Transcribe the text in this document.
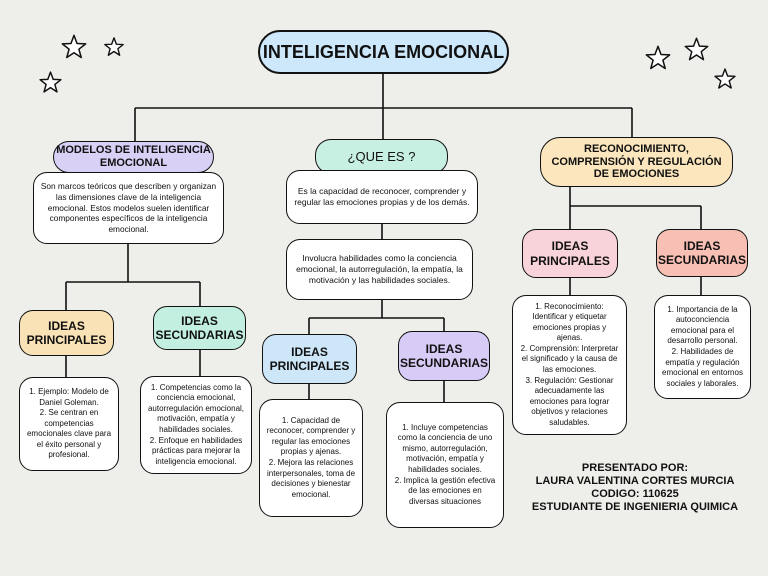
INTELIGENCIA EMOCIONAL
MODELOS DE INTELIGENCIA EMOCIONAL
Son marcos teóricos que describen y organizan las dimensiones clave de la inteligencia emocional. Estos modelos suelen identificar componentes específicos de la inteligencia emocional.
IDEAS PRINCIPALES
IDEAS SECUNDARIAS
1. Ejemplo: Modelo de Daniel Goleman.
2. Se centran en competencias emocionales clave para el éxito personal y profesional.
1. Competencias como la conciencia emocional, autorregulación emocional, motivación, empatía y habilidades sociales.
2. Enfoque en habilidades prácticas para mejorar la inteligencia emocional.
¿QUE ES ?
Es la capacidad de reconocer, comprender y regular las emociones propias y de los demás.
Involucra habilidades como la conciencia emocional, la autorregulación, la empatía, la motivación y las habilidades sociales.
IDEAS PRINCIPALES
IDEAS SECUNDARIAS
1. Capacidad de reconocer, comprender y regular las emociones propias y ajenas.
2. Mejora las relaciones interpersonales, toma de decisiones y bienestar emocional.
1. Incluye competencias como la conciencia de uno mismo, autorregulación, motivación, empatía y habilidades sociales.
2. Implica la gestión efectiva de las emociones en diversas situaciones
RECONOCIMIENTO, COMPRENSIÓN Y REGULACIÓN DE EMOCIONES
IDEAS PRINCIPALES
IDEAS SECUNDARIAS
1. Reconocimiento: Identificar y etiquetar emociones propias y ajenas.
2. Comprensión: Interpretar el significado y la causa de las emociones.
3. Regulación: Gestionar adecuadamente las emociones para lograr objetivos y relaciones saludables.
1. Importancia de la autoconciencia emocional para el desarrollo personal.
2. Habilidades de empatía y regulación emocional en entornos sociales y laborales.
PRESENTADO POR:
LAURA VALENTINA CORTES MURCIA
CODIGO: 110625
ESTUDIANTE DE INGENIERIA QUIMICA
